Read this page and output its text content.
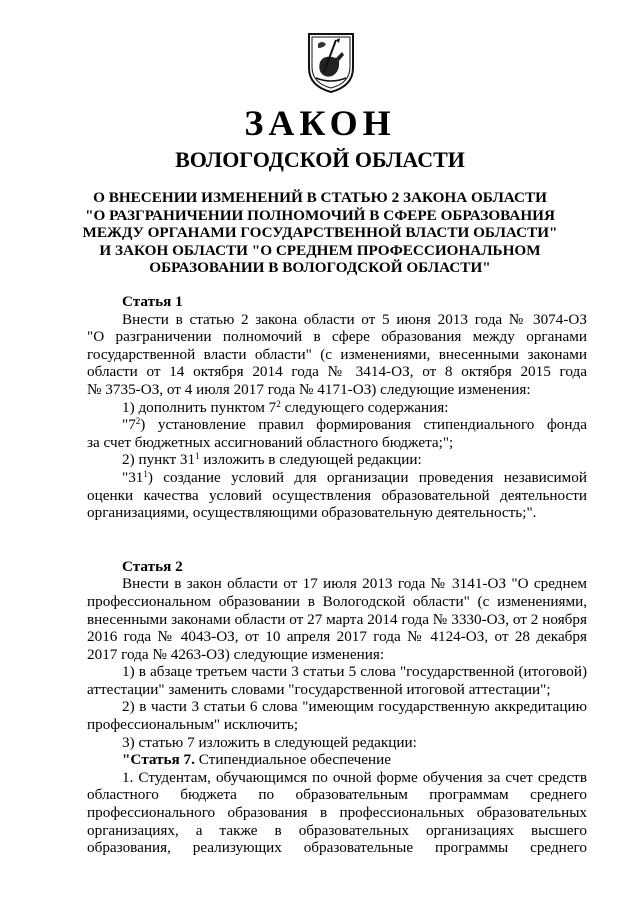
ЗАКОН
ВОЛОГОДСКОЙ ОБЛАСТИ
О ВНЕСЕНИИ ИЗМЕНЕНИЙ В СТАТЬЮ 2 ЗАКОНА ОБЛАСТИ
"О РАЗГРАНИЧЕНИИ ПОЛНОМОЧИЙ В СФЕРЕ ОБРАЗОВАНИЯ
МЕЖДУ ОРГАНАМИ ГОСУДАРСТВЕННОЙ ВЛАСТИ ОБЛАСТИ"
И ЗАКОН ОБЛАСТИ "О СРЕДНЕМ ПРОФЕССИОНАЛЬНОМ
ОБРАЗОВАНИИ В ВОЛОГОДСКОЙ ОБЛАСТИ"
Статья 1
Внести в статью 2 закона области от 5 июня 2013 года № 3074-ОЗ
"О разграничении полномочий в сфере образования между органами
государственной власти области" (с изменениями, внесенными законами
области от 14 октября 2014 года № 3414-ОЗ, от 8 октября 2015 года
№ 3735-ОЗ, от 4 июля 2017 года № 4171-ОЗ) следующие изменения:
1) дополнить пунктом $7^2$ следующего содержания:
"$7^2$) установление правил формирования стипендиального фонда
за счет бюджетных ассигнований областного бюджета;";
2) пункт $31^1$ изложить в следующей редакции:
"$31^1$) создание условий для организации проведения независимой
оценки качества условий осуществления образовательной деятельности
организациями, осуществляющими образовательную деятельность;".
Статья 2
Внести в закон области от 17 июля 2013 года № 3141-ОЗ "О среднем
профессиональном образовании в Вологодской области" (с изменениями,
внесенными законами области от 27 марта 2014 года № 3330-ОЗ, от 2 ноября
2016 года № 4043-ОЗ, от 10 апреля 2017 года № 4124-ОЗ, от 28 декабря
2017 года № 4263-ОЗ) следующие изменения:
1) в абзаце третьем части 3 статьи 5 слова "государственной (итоговой)
аттестации" заменить словами "государственной итоговой аттестации";
2) в части 3 статьи 6 слова "имеющим государственную аккредитацию
профессиональным" исключить;
3) статью 7 изложить в следующей редакции:
"Статья 7. Стипендиальное обеспечение
1. Студентам, обучающимся по очной форме обучения за счет средств
областного бюджета по образовательным программам среднего
профессионального образования в профессиональных образовательных
организациях, а также в образовательных организациях высшего
образования, реализующих образовательные программы среднего
